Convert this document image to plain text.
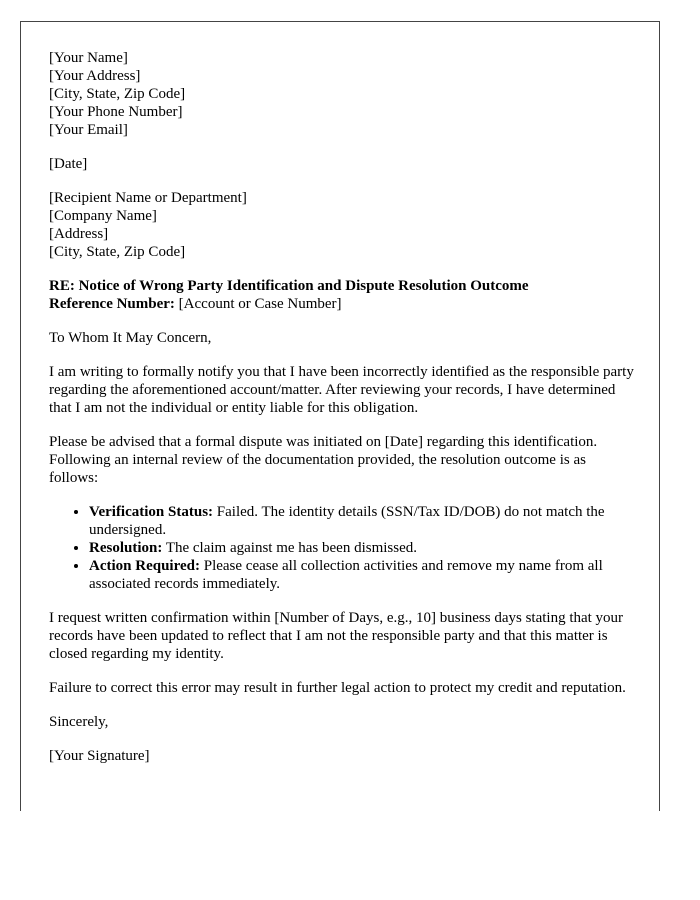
[Your Name]
[Your Address]
[City, State, Zip Code]
[Your Phone Number]
[Your Email]

[Date]

[Recipient Name or Department]
[Company Name]
[Address]
[City, State, Zip Code]
RE: Notice of Wrong Party Identification and Dispute Resolution Outcome
Reference Number: [Account or Case Number]

To Whom It May Concern,

I am writing to formally notify you that I have been incorrectly identified as the responsible party regarding the aforementioned account/matter. After reviewing your records, I have determined that I am not the individual or entity liable for this obligation.

Please be advised that a formal dispute was initiated on [Date] regarding this identification. Following an internal review of the documentation provided, the resolution outcome is as follows:

• Verification Status: Failed. The identity details (SSN/Tax ID/DOB) do not match the undersigned.
• Resolution: The claim against me has been dismissed.
• Action Required: Please cease all collection activities and remove my name from all associated records immediately.

I request written confirmation within [Number of Days, e.g., 10] business days stating that your records have been updated to reflect that I am not the responsible party and that this matter is closed regarding my identity.

Failure to correct this error may result in further legal action to protect my credit and reputation.

Sincerely,

[Your Signature]
